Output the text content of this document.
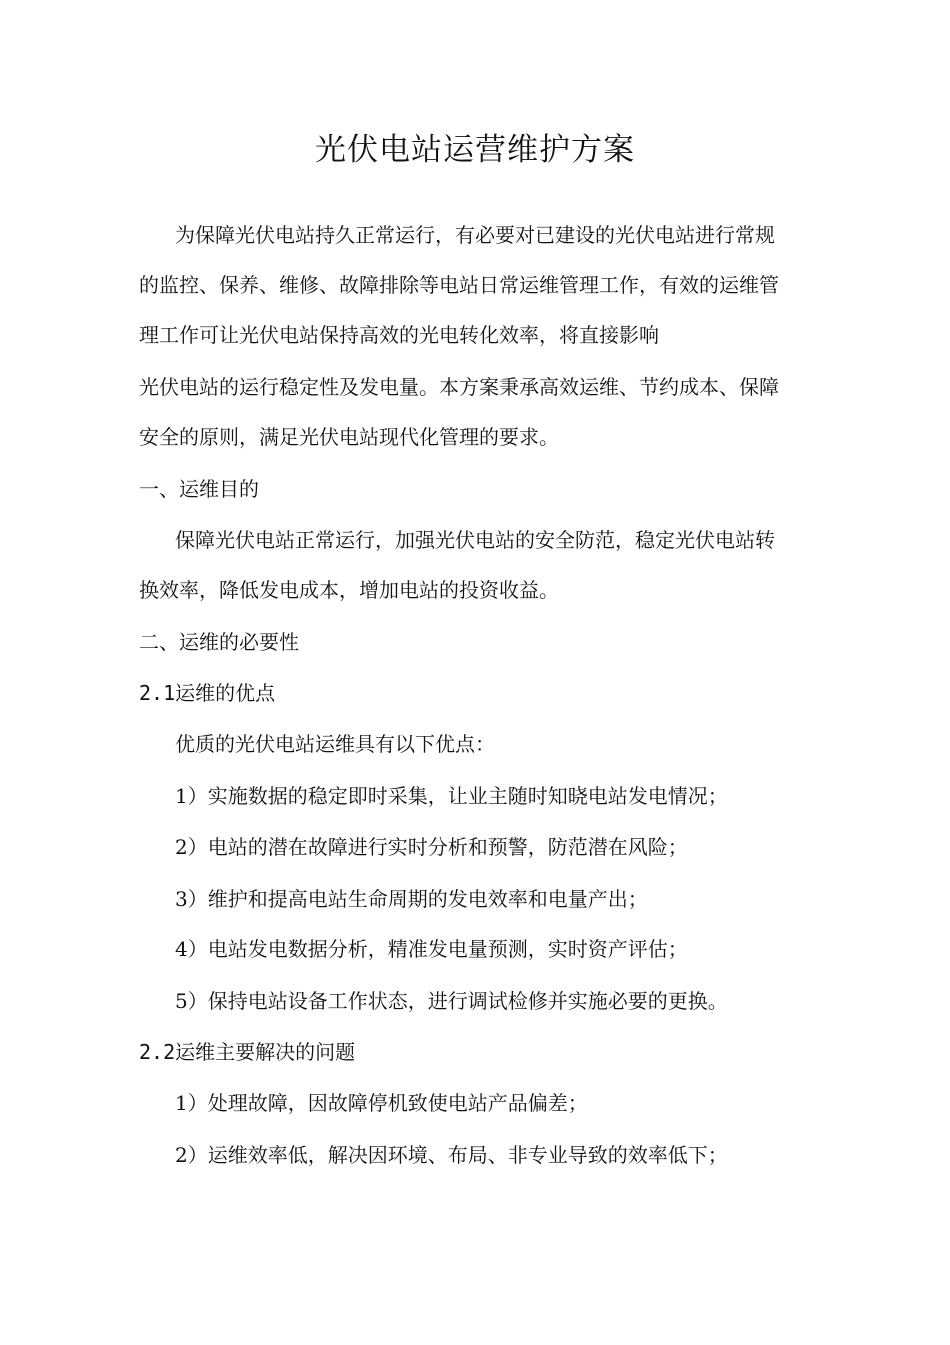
光伏电站运营维护方案
为保障光伏电站持久正常运行，有必要对已建设的光伏电站进行常规
的监控、保养、维修、故障排除等电站日常运维管理工作，有效的运维管
理工作可让光伏电站保持高效的光电转化效率，将直接影响
光伏电站的运行稳定性及发电量。本方案秉承高效运维、节约成本、保障
安全的原则，满足光伏电站现代化管理的要求。
一、运维目的
保障光伏电站正常运行，加强光伏电站的安全防范，稳定光伏电站转
换效率，降低发电成本，增加电站的投资收益。
二、运维的必要性
2.1运维的优点
优质的光伏电站运维具有以下优点：
1）实施数据的稳定即时采集，让业主随时知晓电站发电情况；
2）电站的潜在故障进行实时分析和预警，防范潜在风险；
3）维护和提高电站生命周期的发电效率和电量产出；
4）电站发电数据分析，精准发电量预测，实时资产评估；
5）保持电站设备工作状态，进行调试检修并实施必要的更换。
2.2运维主要解决的问题
1）处理故障，因故障停机致使电站产品偏差；
2）运维效率低，解决因环境、布局、非专业导致的效率低下；
